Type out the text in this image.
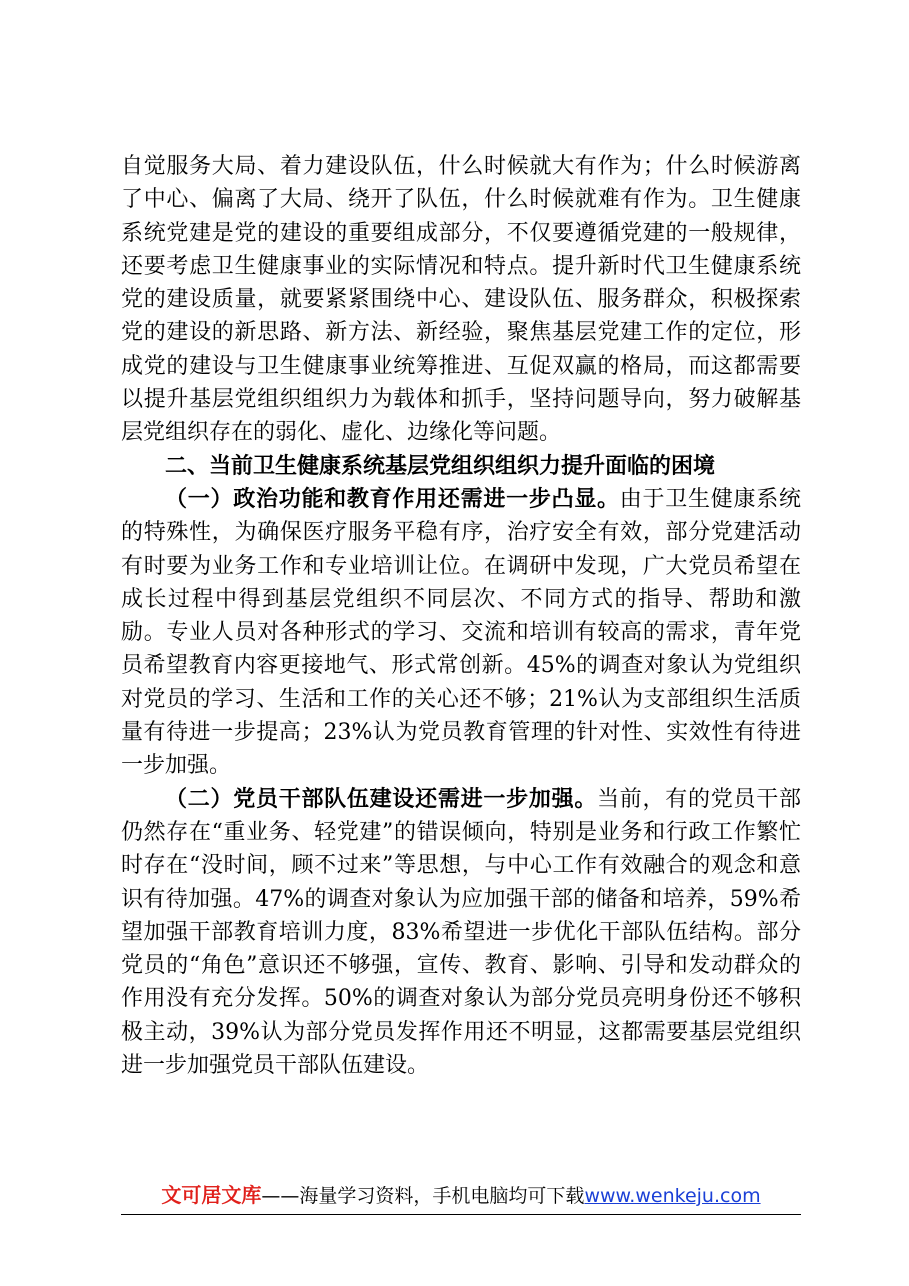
自觉服务大局、着力建设队伍，什么时候就大有作为；什么时候游离了中心、偏离了大局、绕开了队伍，什么时候就难有作为。卫生健康系统党建是党的建设的重要组成部分，不仅要遵循党建的一般规律，还要考虑卫生健康事业的实际情况和特点。提升新时代卫生健康系统党的建设质量，就要紧紧围绕中心、建设队伍、服务群众，积极探索党的建设的新思路、新方法、新经验，聚焦基层党建工作的定位，形成党的建设与卫生健康事业统筹推进、互促双赢的格局，而这都需要以提升基层党组织组织力为载体和抓手，坚持问题导向，努力破解基层党组织存在的弱化、虚化、边缘化等问题。

二、当前卫生健康系统基层党组织组织力提升面临的困境

（一）政治功能和教育作用还需进一步凸显。由于卫生健康系统的特殊性，为确保医疗服务平稳有序，治疗安全有效，部分党建活动有时要为业务工作和专业培训让位。在调研中发现，广大党员希望在成长过程中得到基层党组织不同层次、不同方式的指导、帮助和激励。专业人员对各种形式的学习、交流和培训有较高的需求，青年党员希望教育内容更接地气、形式常创新。45%的调查对象认为党组织对党员的学习、生活和工作的关心还不够；21%认为支部组织生活质量有待进一步提高；23%认为党员教育管理的针对性、实效性有待进一步加强。

（二）党员干部队伍建设还需进一步加强。当前，有的党员干部仍然存在“重业务、轻党建”的错误倾向，特别是业务和行政工作繁忙时存在“没时间，顾不过来”等思想，与中心工作有效融合的观念和意识有待加强。47%的调查对象认为应加强干部的储备和培养，59%希望加强干部教育培训力度，83%希望进一步优化干部队伍结构。部分党员的“角色”意识还不够强，宣传、教育、影响、引导和发动群众的作用没有充分发挥。50%的调查对象认为部分党员亮明身份还不够积极主动，39%认为部分党员发挥作用还不明显，这都需要基层党组织进一步加强党员干部队伍建设。

文可居文库——海量学习资料，手机电脑均可下载www.wenkeju.com
